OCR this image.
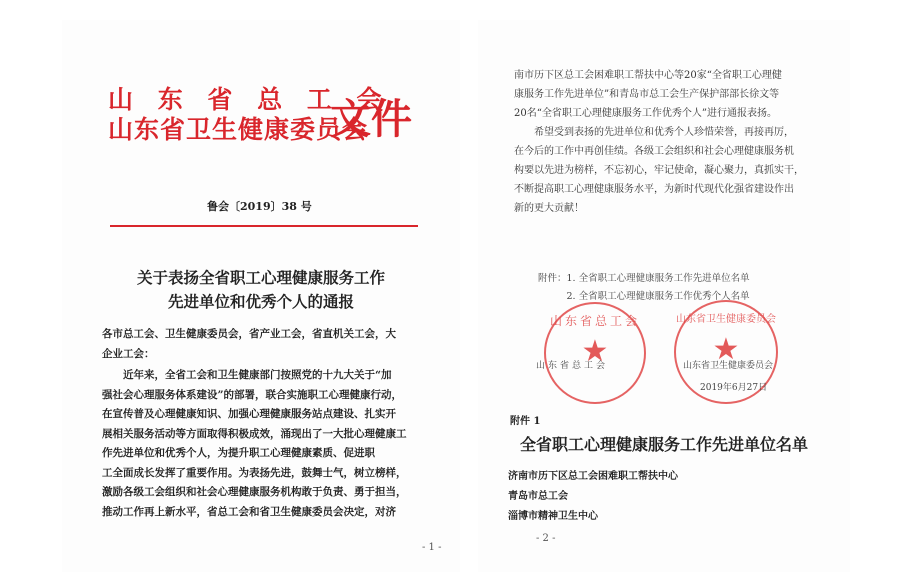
山 东 省 总 工 会
山东省卫生健康委员会
文件
鲁会〔2019〕38 号
关于表扬全省职工心理健康服务工作
先进单位和优秀个人的通报
各市总工会、卫生健康委员会，省产业工会，省直机关工会，大
企业工会：
近年来，全省工会和卫生健康部门按照党的十九大关于“加
强社会心理服务体系建设”的部署，联合实施职工心理健康行动，
在宣传普及心理健康知识、加强心理健康服务站点建设、扎实开
展相关服务活动等方面取得积极成效，涌现出了一大批心理健康工
作先进单位和优秀个人，为提升职工心理健康素质、促进职
工全面成长发挥了重要作用。为表扬先进，鼓舞士气，树立榜样，
激励各级工会组织和社会心理健康服务机构敢于负责、勇于担当，
推动工作再上新水平，省总工会和省卫生健康委员会决定，对济
- 1 -
南市历下区总工会困难职工帮扶中心等20家“全省职工心理健
康服务工作先进单位”和青岛市总工会生产保护部部长徐文等
20名“全省职工心理健康服务工作优秀个人”进行通报表扬。
希望受到表扬的先进单位和优秀个人珍惜荣誉，再接再厉，
在今后的工作中再创佳绩。各级工会组织和社会心理健康服务机
构要以先进为榜样，不忘初心，牢记使命，凝心聚力，真抓实干，
不断提高职工心理健康服务水平，为新时代现代化强省建设作出
新的更大贡献！
附件：1. 全省职工心理健康服务工作先进单位名单
2. 全省职工心理健康服务工作优秀个人名单
山东省总工会
★
山东省卫生健康委员会
★
山东省总工会	山东省卫生健康委员会
2019年6月27日
附件 1
全省职工心理健康服务工作先进单位名单
济南市历下区总工会困难职工帮扶中心
青岛市总工会
淄博市精神卫生中心
- 2 -
